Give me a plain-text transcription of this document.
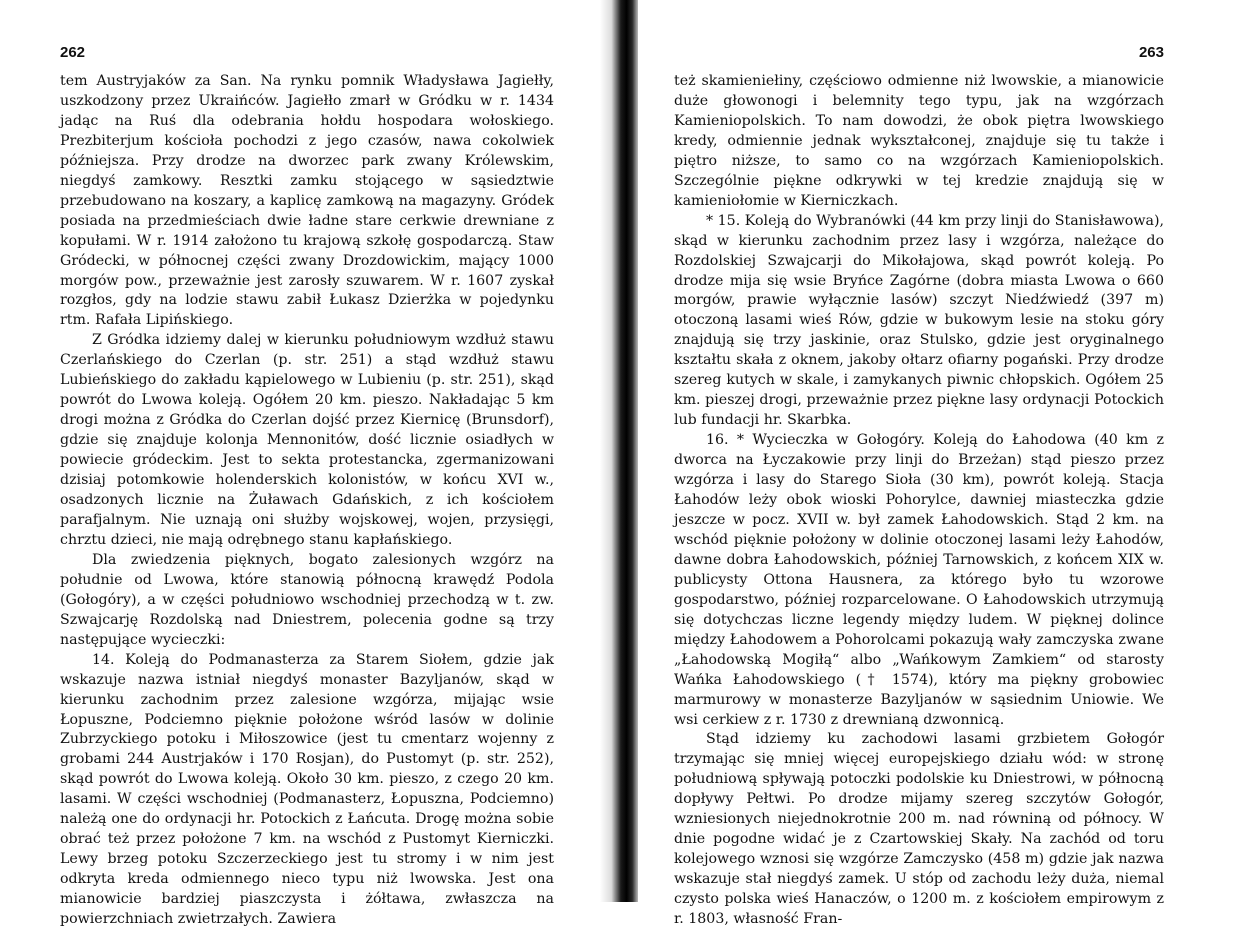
262

tem Austryjaków za San. Na rynku pomnik Władysława Jagiełły, uszkodzony przez Ukraińców. Jagiełło zmarł w Gródku w r. 1434 jadąc na Ruś dla odebrania hołdu hospodara wołoskiego. Prezbiterjum kościoła pochodzi z jego czasów, nawa cokolwiek późniejsza. Przy drodze na dworzec park zwany Królewskim, niegdyś zamkowy. Resztki zamku stojącego w sąsiedztwie przebudowano na koszary, a kaplicę zamkową na magazyny. Gródek posiada na przedmieściach dwie ładne stare cerkwie drewniane z kopułami. W r. 1914 założono tu krajową szkołę gospodarczą. Staw Gródecki, w północnej części zwany Drozdowickim, mający 1000 morgów pow., przeważnie jest zarosły szuwarem. W r. 1607 zyskał rozgłos, gdy na lodzie stawu zabił Łukasz Dzierżka w pojedynku rtm. Rafała Lipińskiego.

Z Gródka idziemy dalej w kierunku południowym wzdłuż stawu Czerlańskiego do Czerlan (p. str. 251) a stąd wzdłuż stawu Lubieńskiego do zakładu kąpielowego w Lubieniu (p. str. 251), skąd powrót do Lwowa koleją. Ogółem 20 km. pieszo. Nakładając 5 km drogi można z Gródka do Czerlan dojść przez Kiernicę (Brunsdorf), gdzie się znajduje kolonja Mennonitów, dość licznie osiadłych w powiecie gródeckim. Jest to sekta protestancka, zgermanizowani dzisiaj potomkowie holenderskich kolonistów, w końcu XVI w., osadzonych licznie na Żuławach Gdańskich, z ich kościołem parafjalnym. Nie uznają oni służby wojskowej, wojen, przysięgi, chrztu dzieci, nie mają odrębnego stanu kapłańskiego.

Dla zwiedzenia pięknych, bogato zalesionych wzgórz na południe od Lwowa, które stanowią północną krawędź Podola (Gołogóry), a w części południowo wschodniej przechodzą w t. zw. Szwajcarję Rozdolską nad Dniestrem, polecenia godne są trzy następujące wycieczki:

14. Koleją do Podmanasterza za Starem Siołem, gdzie jak wskazuje nazwa istniał niegdyś monaster Bazyljanów, skąd w kierunku zachodnim przez zalesione wzgórza, mijając wsie Łopuszne, Podciemno pięknie położone wśród lasów w dolinie Zubrzyckiego potoku i Miłoszowice (jest tu cmentarz wojenny z grobami 244 Austrjaków i 170 Rosjan), do Pustomyt (p. str. 252), skąd powrót do Lwowa koleją. Około 30 km. pieszo, z czego 20 km. lasami. W części wschodniej (Podmanasterz, Łopuszna, Podciemno) należą one do ordynacji hr. Potockich z Łańcuta. Drogę można sobie obrać też przez położone 7 km. na wschód z Pustomyt Kierniczki. Lewy brzeg potoku Szczerzeckiego jest tu stromy i w nim jest odkryta kreda odmiennego nieco typu niż lwowska. Jest ona mianowicie bardziej piaszczysta i żółtawa, zwłaszcza na powierzchniach zwietrzałych. Zawiera

263

też skamieniełiny, częściowo odmienne niż lwowskie, a mianowicie duże głowonogi i belemnity tego typu, jak na wzgórzach Kamieniopolskich. To nam dowodzi, że obok piętra lwowskiego kredy, odmiennie jednak wykształconej, znajduje się tu także i piętro niższe, to samo co na wzgórzach Kamieniopolskich. Szczególnie piękne odkrywki w tej kredzie znajdują się w kamieniołomie w Kierniczkach.

* 15. Koleją do Wybranówki (44 km przy linji do Stanisławowa), skąd w kierunku zachodnim przez lasy i wzgórza, należące do Rozdolskiej Szwajcarji do Mikołajowa, skąd powrót koleją. Po drodze mija się wsie Bryńce Zagórne (dobra miasta Lwowa o 660 morgów, prawie wyłącznie lasów) szczyt Niedźwiedź (397 m) otoczoną lasami wieś Rów, gdzie w bukowym lesie na stoku góry znajdują się trzy jaskinie, oraz Stulsko, gdzie jest oryginalnego kształtu skała z oknem, jakoby ołtarz ofiarny pogański. Przy drodze szereg kutych w skale, i zamykanych piwnic chłopskich. Ogółem 25 km. pieszej drogi, przeważnie przez piękne lasy ordynacji Potockich lub fundacji hr. Skarbka.

16. * Wycieczka w Gołogóry. Koleją do Łahodowa (40 km z dworca na Łyczakowie przy linji do Brzeżan) stąd pieszo przez wzgórza i lasy do Starego Sioła (30 km), powrót koleją. Stacja Łahodów leży obok wioski Pohorylce, dawniej miasteczka gdzie jeszcze w pocz. XVII w. był zamek Łahodowskich. Stąd 2 km. na wschód pięknie położony w dolinie otoczonej lasami leży Łahodów, dawne dobra Łahodowskich, później Tarnowskich, z końcem XIX w. publicysty Ottona Hausnera, za którego było tu wzorowe gospodarstwo, później rozparcelowane. O Łahodowskich utrzymują się dotychczas liczne legendy między ludem. W pięknej dolince między Łahodowem a Pohorolcami pokazują wały zamczyska zwane „Łahodowską Mogiłą“ albo „Wańkowym Zamkiem“ od starosty Wańka Łahodowskiego († 1574), który ma piękny grobowiec marmurowy w monasterze Bazyljanów w sąsiednim Uniowie. We wsi cerkiew z r. 1730 z drewnianą dzwonnicą.

Stąd idziemy ku zachodowi lasami grzbietem Gołogór trzymając się mniej więcej europejskiego działu wód: w stronę południową spływają potoczki podolskie ku Dniestrowi, w północną dopływy Pełtwi. Po drodze mijamy szereg szczytów Gołogór, wzniesionych niejednokrotnie 200 m. nad równiną od północy. W dnie pogodne widać je z Czartowskiej Skały. Na zachód od toru kolejowego wznosi się wzgórze Zamczysko (458 m) gdzie jak nazwa wskazuje stał niegdyś zamek. U stóp od zachodu leży duża, niemal czysto polska wieś Hanaczów, o 1200 m. z kościołem empirowym z r. 1803, własność Fran-
